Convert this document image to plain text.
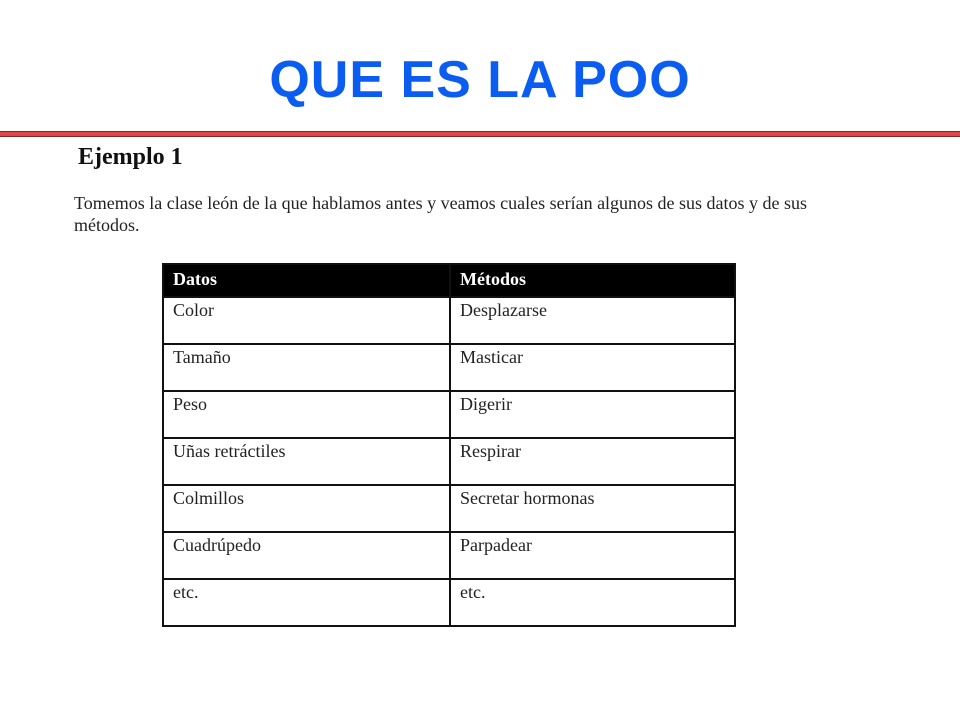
QUE ES LA POO
Ejemplo 1
Tomemos la clase león de la que hablamos antes y veamos cuales serían algunos de sus datos y de sus métodos.
Datos	Métodos
Color	Desplazarse
Tamaño	Masticar
Peso	Digerir
Uñas retráctiles	Respirar
Colmillos	Secretar hormonas
Cuadrúpedo	Parpadear
etc.	etc.
